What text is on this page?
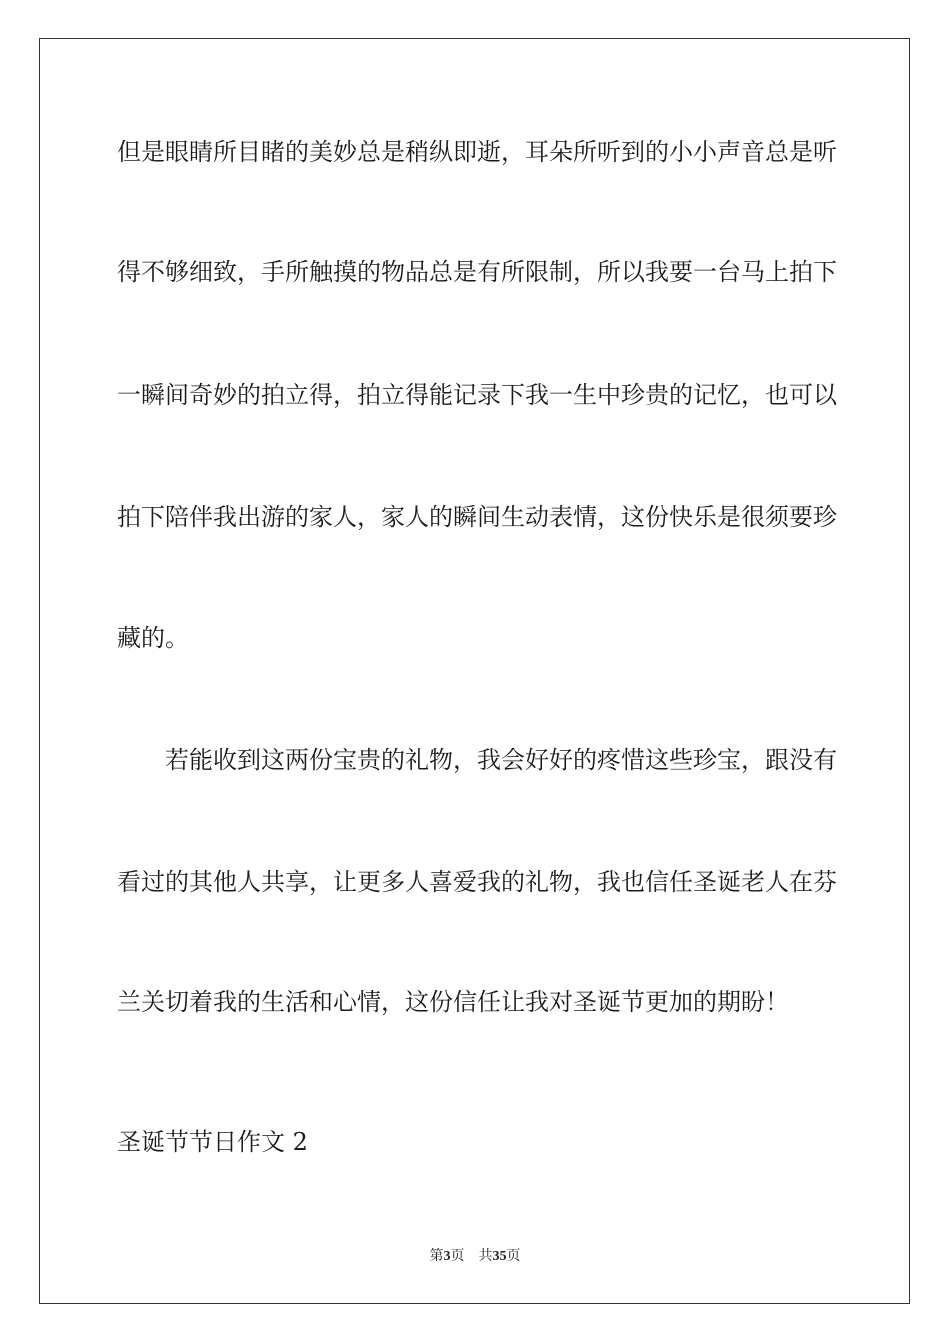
但是眼睛所目睹的美妙总是稍纵即逝，耳朵所听到的小小声音总是听
得不够细致，手所触摸的物品总是有所限制，所以我要一台马上拍下
一瞬间奇妙的拍立得，拍立得能记录下我一生中珍贵的记忆，也可以
拍下陪伴我出游的家人，家人的瞬间生动表情，这份快乐是很须要珍
藏的。
若能收到这两份宝贵的礼物，我会好好的疼惜这些珍宝，跟没有
看过的其他人共享，让更多人喜爱我的礼物，我也信任圣诞老人在芬
兰关切着我的生活和心情，这份信任让我对圣诞节更加的期盼！
圣诞节节日作文 2
第3页 共35页
